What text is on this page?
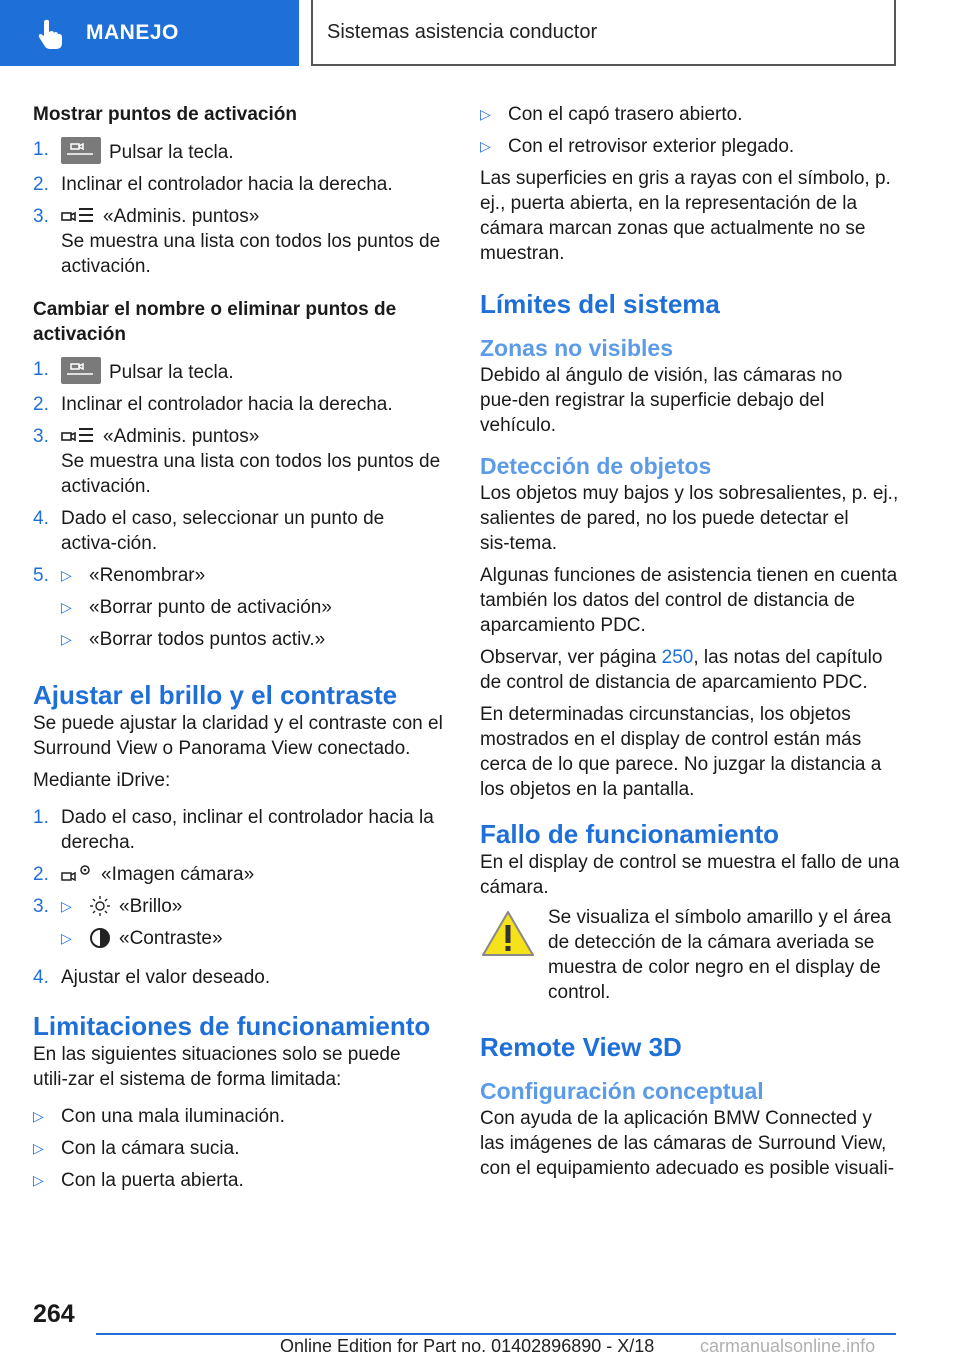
MANEJO	Sistemas asistencia conductor
Mostrar puntos de activación
1.	Pulsar la tecla.
2. Inclinar el controlador hacia la derecha.
3.	«Adminis. puntos»
Se muestra una lista con todos los puntos de activación.
Cambiar el nombre o eliminar puntos de activación
1.	Pulsar la tecla.
2. Inclinar el controlador hacia la derecha.
3.	«Adminis. puntos»
Se muestra una lista con todos los puntos de activación.
4. Dado el caso, seleccionar un punto de activa‑ción.
5. ▷ «Renombrar»
▷ «Borrar punto de activación»
▷ «Borrar todos puntos activ.»
Ajustar el brillo y el contraste

Se puede ajustar la claridad y el contraste con el Surround View o Panorama View conectado.

Mediante iDrive:

1. Dado el caso, inclinar el controlador hacia la derecha.
2.	«Imagen cámara»
3. ▷	«Brillo»
▷	«Contraste»
4. Ajustar el valor deseado.
Limitaciones de funcionamiento

En las siguientes situaciones solo se puede utili‑zar el sistema de forma limitada:

▷ Con una mala iluminación.
▷ Con la cámara sucia.
▷ Con la puerta abierta.
▷ Con el capó trasero abierto.
▷ Con el retrovisor exterior plegado.

Las superficies en gris a rayas con el símbolo, p. ej., puerta abierta, en la representación de la cámara marcan zonas que actualmente no se muestran.

Límites del sistema
Zonas no visibles

Debido al ángulo de visión, las cámaras no pue‑den registrar la superficie debajo del vehículo.

Detección de objetos

Los objetos muy bajos y los sobresalientes, p. ej., salientes de pared, no los puede detectar el sis‑tema.

Algunas funciones de asistencia tienen en cuenta también los datos del control de distancia de aparcamiento PDC.

Observar, ver página 250, las notas del capítulo de control de distancia de aparcamiento PDC.

En determinadas circunstancias, los objetos mostrados en el display de control están más cerca de lo que parece. No juzgar la distancia a los objetos en la pantalla.

Fallo de funcionamiento

En el display de control se muestra el fallo de una cámara.

Se visualiza el símbolo amarillo y el área de detección de la cámara averiada se muestra de color negro en el display de control.
Remote View 3D
Configuración conceptual

Con ayuda de la aplicación BMW Connected y las imágenes de las cámaras de Surround View, con el equipamiento adecuado es posible visuali‑

264
Online Edition for Part no. 01402896890 - X/18	carmanualsonline.info
